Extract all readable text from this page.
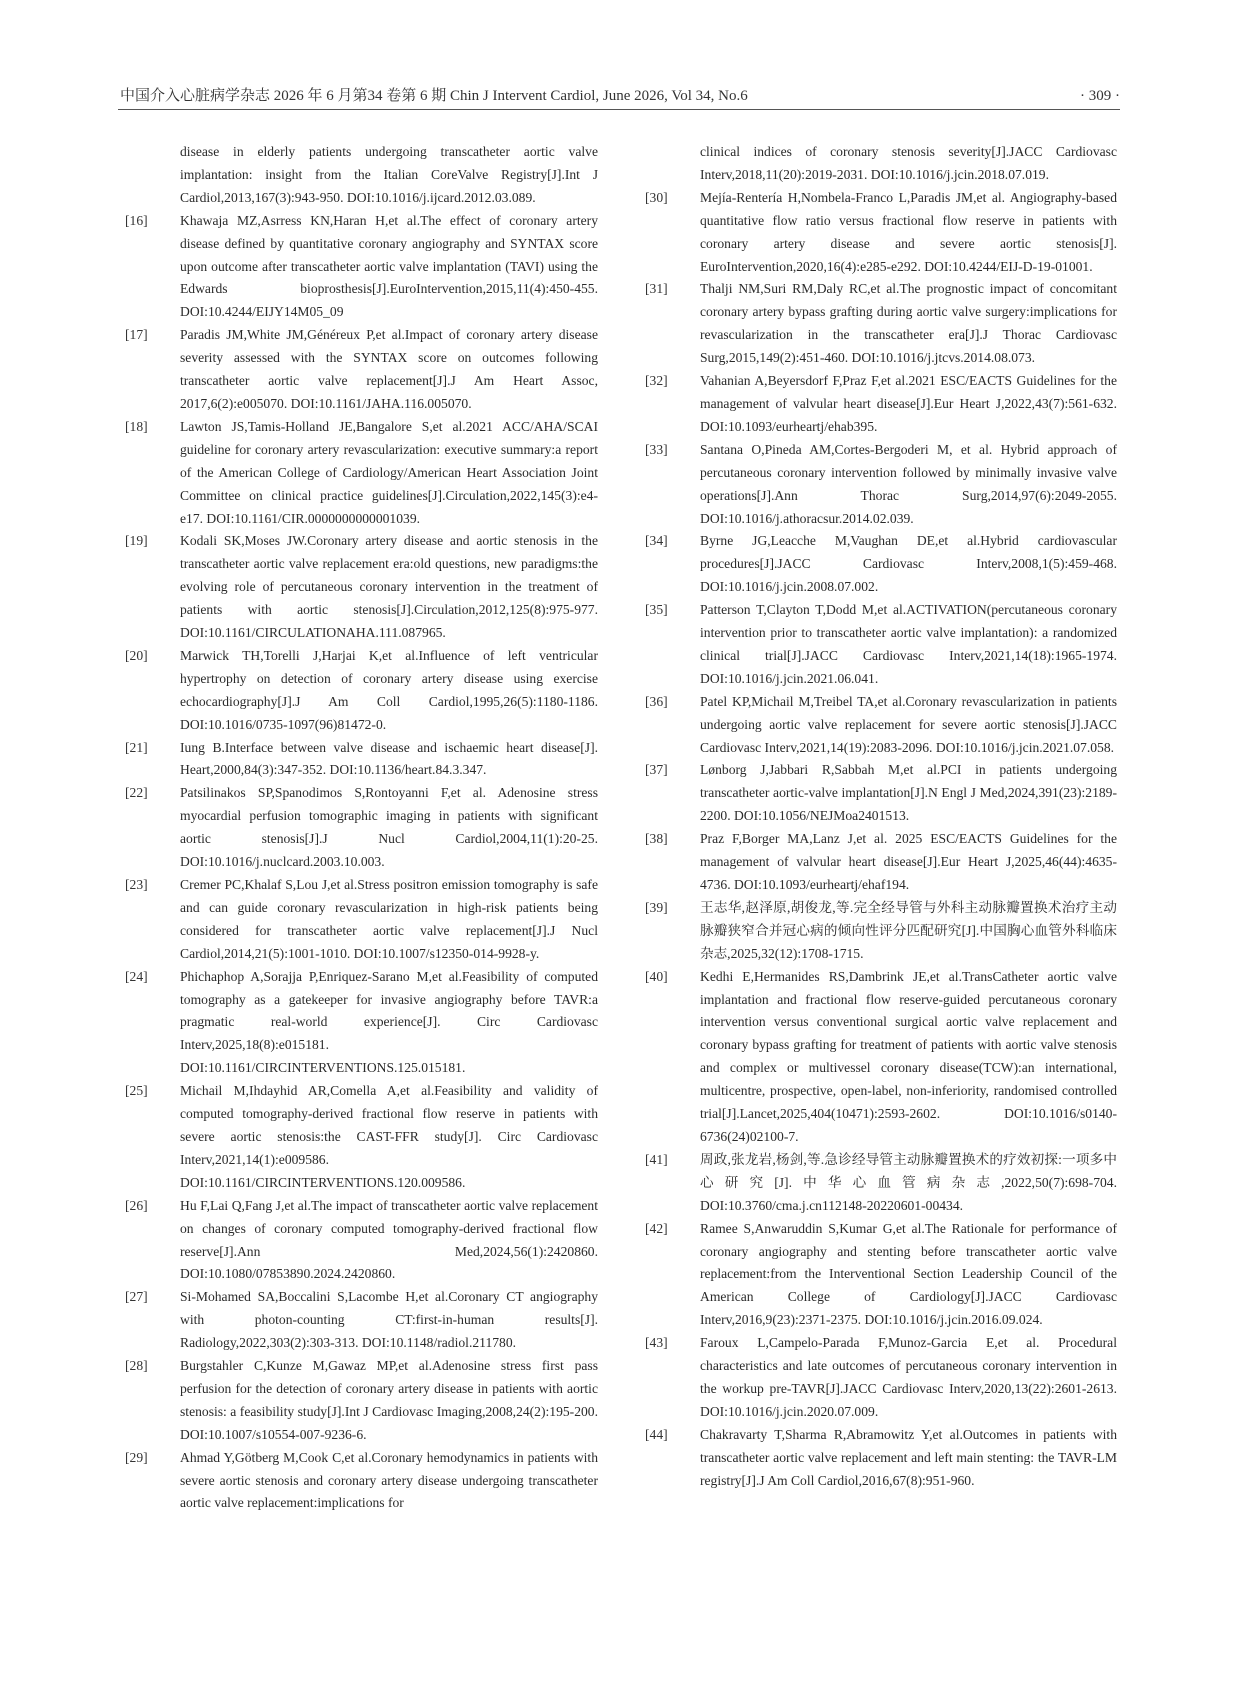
中国介入心脏病学杂志 2026 年 6 月第34 卷第 6 期 Chin J Intervent Cardiol, June 2026, Vol 34, No.6	· 309 ·
disease in elderly patients undergoing transcatheter aortic valve implantation: insight from the Italian CoreValve Registry[J].Int J Cardiol,2013,167(3):943-950. DOI:10.1016/j.ijcard.2012.03.089.
[16]	Khawaja MZ,Asrress KN,Haran H,et al.The effect of coronary artery disease defined by quantitative coronary angiography and SYNTAX score upon outcome after transcatheter aortic valve implantation (TAVI) using the Edwards bioprosthesis[J].EuroIntervention,2015,11(4):450-455. DOI:10.4244/EIJY14M05_09
[17]	Paradis JM,White JM,Généreux P,et al.Impact of coronary artery disease severity assessed with the SYNTAX score on outcomes following transcatheter aortic valve replacement[J].J Am Heart Assoc, 2017,6(2):e005070. DOI:10.1161/JAHA.116.005070.
[18]	Lawton JS,Tamis-Holland JE,Bangalore S,et al.2021 ACC/AHA/SCAI guideline for coronary artery revascularization: executive summary:a report of the American College of Cardiology/American Heart Association Joint Committee on clinical practice guidelines[J].Circulation,2022,145(3):e4-e17. DOI:10.1161/CIR.0000000000001039.
[19]	Kodali SK,Moses JW.Coronary artery disease and aortic stenosis in the transcatheter aortic valve replacement era:old questions, new paradigms:the evolving role of percutaneous coronary intervention in the treatment of patients with aortic stenosis[J].Circulation,2012,125(8):975-977. DOI:10.1161/CIRCULATIONAHA.111.087965.
[20]	Marwick TH,Torelli J,Harjai K,et al.Influence of left ventricular hypertrophy on detection of coronary artery disease using exercise echocardiography[J].J Am Coll Cardiol,1995,26(5):1180-1186. DOI:10.1016/0735-1097(96)81472-0.
[21]	Iung B.Interface between valve disease and ischaemic heart disease[J]. Heart,2000,84(3):347-352. DOI:10.1136/heart.84.3.347.
[22]	Patsilinakos SP,Spanodimos S,Rontoyanni F,et al. Adenosine stress myocardial perfusion tomographic imaging in patients with significant aortic stenosis[J].J Nucl Cardiol,2004,11(1):20-25. DOI:10.1016/j.nuclcard.2003.10.003.
[23]	Cremer PC,Khalaf S,Lou J,et al.Stress positron emission tomography is safe and can guide coronary revascularization in high-risk patients being considered for transcatheter aortic valve replacement[J].J Nucl Cardiol,2014,21(5):1001-1010. DOI:10.1007/s12350-014-9928-y.
[24]	Phichaphop A,Sorajja P,Enriquez-Sarano M,et al.Feasibility of computed tomography as a gatekeeper for invasive angiography before TAVR:a pragmatic real-world experience[J]. Circ Cardiovasc Interv,2025,18(8):e015181. DOI:10.1161/CIRCINTERVENTIONS.125.015181.
[25]	Michail M,Ihdayhid AR,Comella A,et al.Feasibility and validity of computed tomography-derived fractional flow reserve in patients with severe aortic stenosis:the CAST-FFR study[J]. Circ Cardiovasc Interv,2021,14(1):e009586. DOI:10.1161/CIRCINTERVENTIONS.120.009586.
[26]	Hu F,Lai Q,Fang J,et al.The impact of transcatheter aortic valve replacement on changes of coronary computed tomography-derived fractional flow reserve[J].Ann Med,2024,56(1):2420860. DOI:10.1080/07853890.2024.2420860.
[27]	Si-Mohamed SA,Boccalini S,Lacombe H,et al.Coronary CT angiography with photon-counting CT:first-in-human results[J]. Radiology,2022,303(2):303-313. DOI:10.1148/radiol.211780.
[28]	Burgstahler C,Kunze M,Gawaz MP,et al.Adenosine stress first pass perfusion for the detection of coronary artery disease in patients with aortic stenosis: a feasibility study[J].Int J Cardiovasc Imaging,2008,24(2):195-200. DOI:10.1007/s10554-007-9236-6.
[29]	Ahmad Y,Götberg M,Cook C,et al.Coronary hemodynamics in patients with severe aortic stenosis and coronary artery disease undergoing transcatheter aortic valve replacement:implications for
clinical indices of coronary stenosis severity[J].JACC Cardiovasc Interv,2018,11(20):2019-2031. DOI:10.1016/j.jcin.2018.07.019.
[30]	Mejía-Rentería H,Nombela-Franco L,Paradis JM,et al. Angiography-based quantitative flow ratio versus fractional flow reserve in patients with coronary artery disease and severe aortic stenosis[J]. EuroIntervention,2020,16(4):e285-e292. DOI:10.4244/EIJ-D-19-01001.
[31]	Thalji NM,Suri RM,Daly RC,et al.The prognostic impact of concomitant coronary artery bypass grafting during aortic valve surgery:implications for revascularization in the transcatheter era[J].J Thorac Cardiovasc Surg,2015,149(2):451-460. DOI:10.1016/j.jtcvs.2014.08.073.
[32]	Vahanian A,Beyersdorf F,Praz F,et al.2021 ESC/EACTS Guidelines for the management of valvular heart disease[J].Eur Heart J,2022,43(7):561-632. DOI:10.1093/eurheartj/ehab395.
[33]	Santana O,Pineda AM,Cortes-Bergoderi M, et al. Hybrid approach of percutaneous coronary intervention followed by minimally invasive valve operations[J].Ann Thorac Surg,2014,97(6):2049-2055. DOI:10.1016/j.athoracsur.2014.02.039.
[34]	Byrne JG,Leacche M,Vaughan DE,et al.Hybrid cardiovascular procedures[J].JACC Cardiovasc Interv,2008,1(5):459-468. DOI:10.1016/j.jcin.2008.07.002.
[35]	Patterson T,Clayton T,Dodd M,et al.ACTIVATION(percutaneous coronary intervention prior to transcatheter aortic valve implantation): a randomized clinical trial[J].JACC Cardiovasc Interv,2021,14(18):1965-1974. DOI:10.1016/j.jcin.2021.06.041.
[36]	Patel KP,Michail M,Treibel TA,et al.Coronary revascularization in patients undergoing aortic valve replacement for severe aortic stenosis[J].JACC Cardiovasc Interv,2021,14(19):2083-2096. DOI:10.1016/j.jcin.2021.07.058.
[37]	Lønborg J,Jabbari R,Sabbah M,et al.PCI in patients undergoing transcatheter aortic-valve implantation[J].N Engl J Med,2024,391(23):2189-2200. DOI:10.1056/NEJMoa2401513.
[38]	Praz F,Borger MA,Lanz J,et al. 2025 ESC/EACTS Guidelines for the management of valvular heart disease[J].Eur Heart J,2025,46(44):4635-4736. DOI:10.1093/eurheartj/ehaf194.
[39]	王志华,赵泽原,胡俊龙,等.完全经导管与外科主动脉瓣置换术治疗主动脉瓣狭窄合并冠心病的倾向性评分匹配研究[J].中国胸心血管外科临床杂志,2025,32(12):1708-1715.
[40]	Kedhi E,Hermanides RS,Dambrink JE,et al.TransCatheter aortic valve implantation and fractional flow reserve-guided percutaneous coronary intervention versus conventional surgical aortic valve replacement and coronary bypass grafting for treatment of patients with aortic valve stenosis and complex or multivessel coronary disease(TCW):an international, multicentre, prospective, open-label, non-inferiority, randomised controlled trial[J].Lancet,2025,404(10471):2593-2602. DOI:10.1016/s0140-6736(24)02100-7.
[41]	周政,张龙岩,杨剑,等.急诊经导管主动脉瓣置换术的疗效初探:一项多中心研究[J].中华心血管病杂志,2022,50(7):698-704. DOI:10.3760/cma.j.cn112148-20220601-00434.
[42]	Ramee S,Anwaruddin S,Kumar G,et al.The Rationale for performance of coronary angiography and stenting before transcatheter aortic valve replacement:from the Interventional Section Leadership Council of the American College of Cardiology[J].JACC Cardiovasc Interv,2016,9(23):2371-2375. DOI:10.1016/j.jcin.2016.09.024.
[43]	Faroux L,Campelo-Parada F,Munoz-Garcia E,et al. Procedural characteristics and late outcomes of percutaneous coronary intervention in the workup pre-TAVR[J].JACC Cardiovasc Interv,2020,13(22):2601-2613. DOI:10.1016/j.jcin.2020.07.009.
[44]	Chakravarty T,Sharma R,Abramowitz Y,et al.Outcomes in patients with transcatheter aortic valve replacement and left main stenting: the TAVR-LM registry[J].J Am Coll Cardiol,2016,67(8):951-960.
